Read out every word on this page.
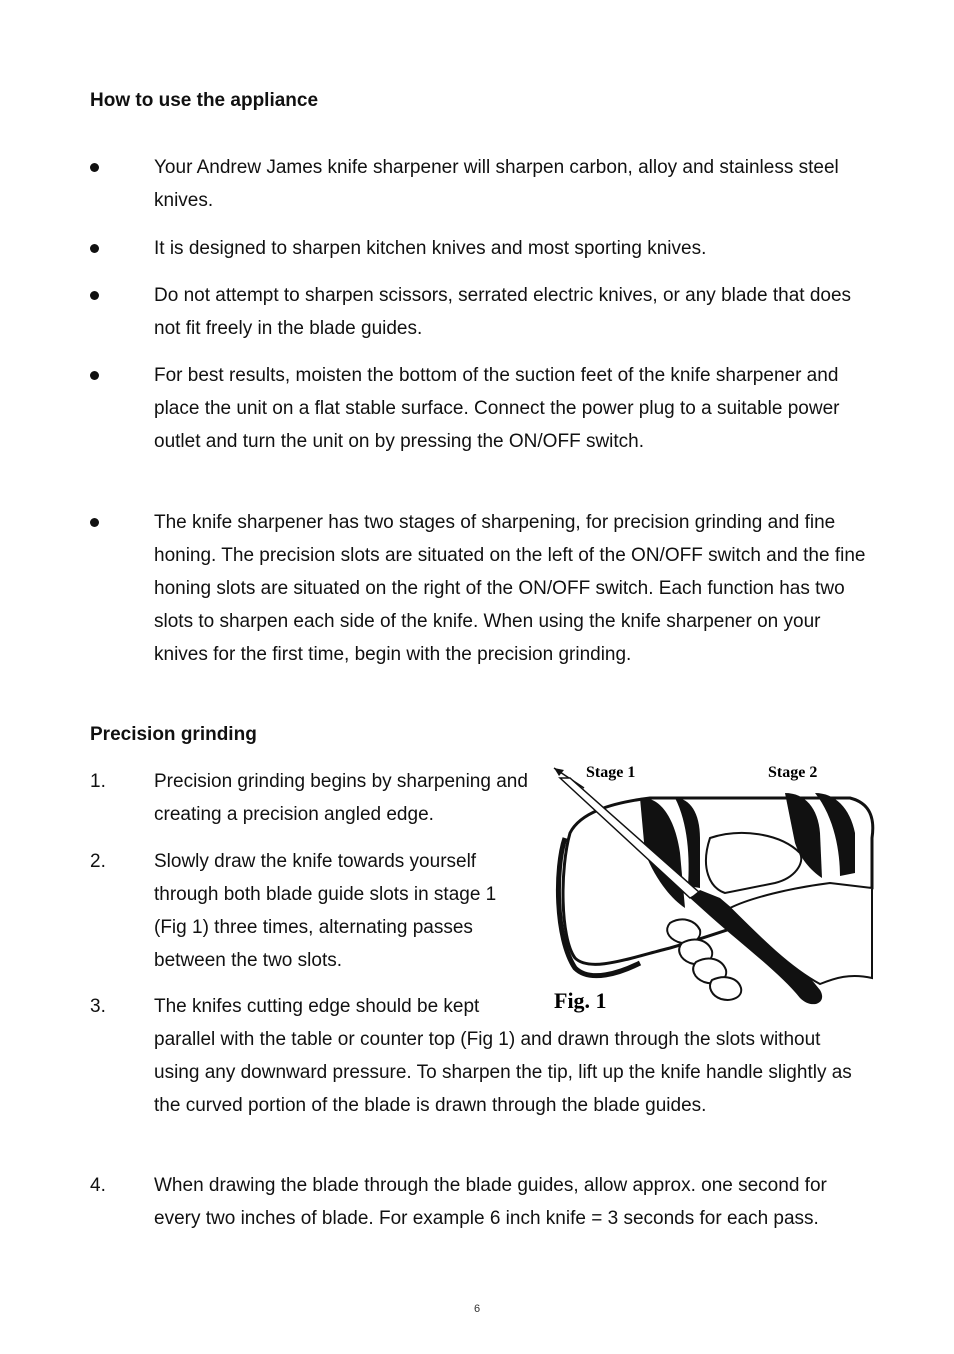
How to use the appliance
Your Andrew James knife sharpener will sharpen carbon, alloy and stainless steel knives.
It is designed to sharpen kitchen knives and most sporting knives.
Do not attempt to sharpen scissors, serrated electric knives, or any blade that does not fit freely in the blade guides.
For best results, moisten the bottom of the suction feet of the knife sharpener and place the unit on a flat stable surface. Connect the power plug to a suitable power outlet and turn the unit on by pressing the ON/OFF switch.
The knife sharpener has two stages of sharpening, for precision grinding and fine honing. The precision slots are situated on the left of the ON/OFF switch and the fine honing slots are situated on the right of the ON/OFF switch. Each function has two slots to sharpen each side of the knife. When using the knife sharpener on your knives for the first time, begin with the precision grinding.
Precision grinding
1.	Precision grinding begins by sharpening and creating a precision angled edge.
2.	Slowly draw the knife towards yourself through both blade guide slots in stage 1 (Fig 1) three times, alternating passes between the two slots.
3.	The knifes cutting edge should be kept
parallel with the table or counter top (Fig 1) and drawn through the slots without using any downward pressure. To sharpen the tip, lift up the knife handle slightly as the curved portion of the blade is drawn through the blade guides.
4.	When drawing the blade through the blade guides, allow approx. one second for every two inches of blade. For example 6 inch knife = 3 seconds for each pass.
Stage 1	Stage 2
2
Fig. 1
6
